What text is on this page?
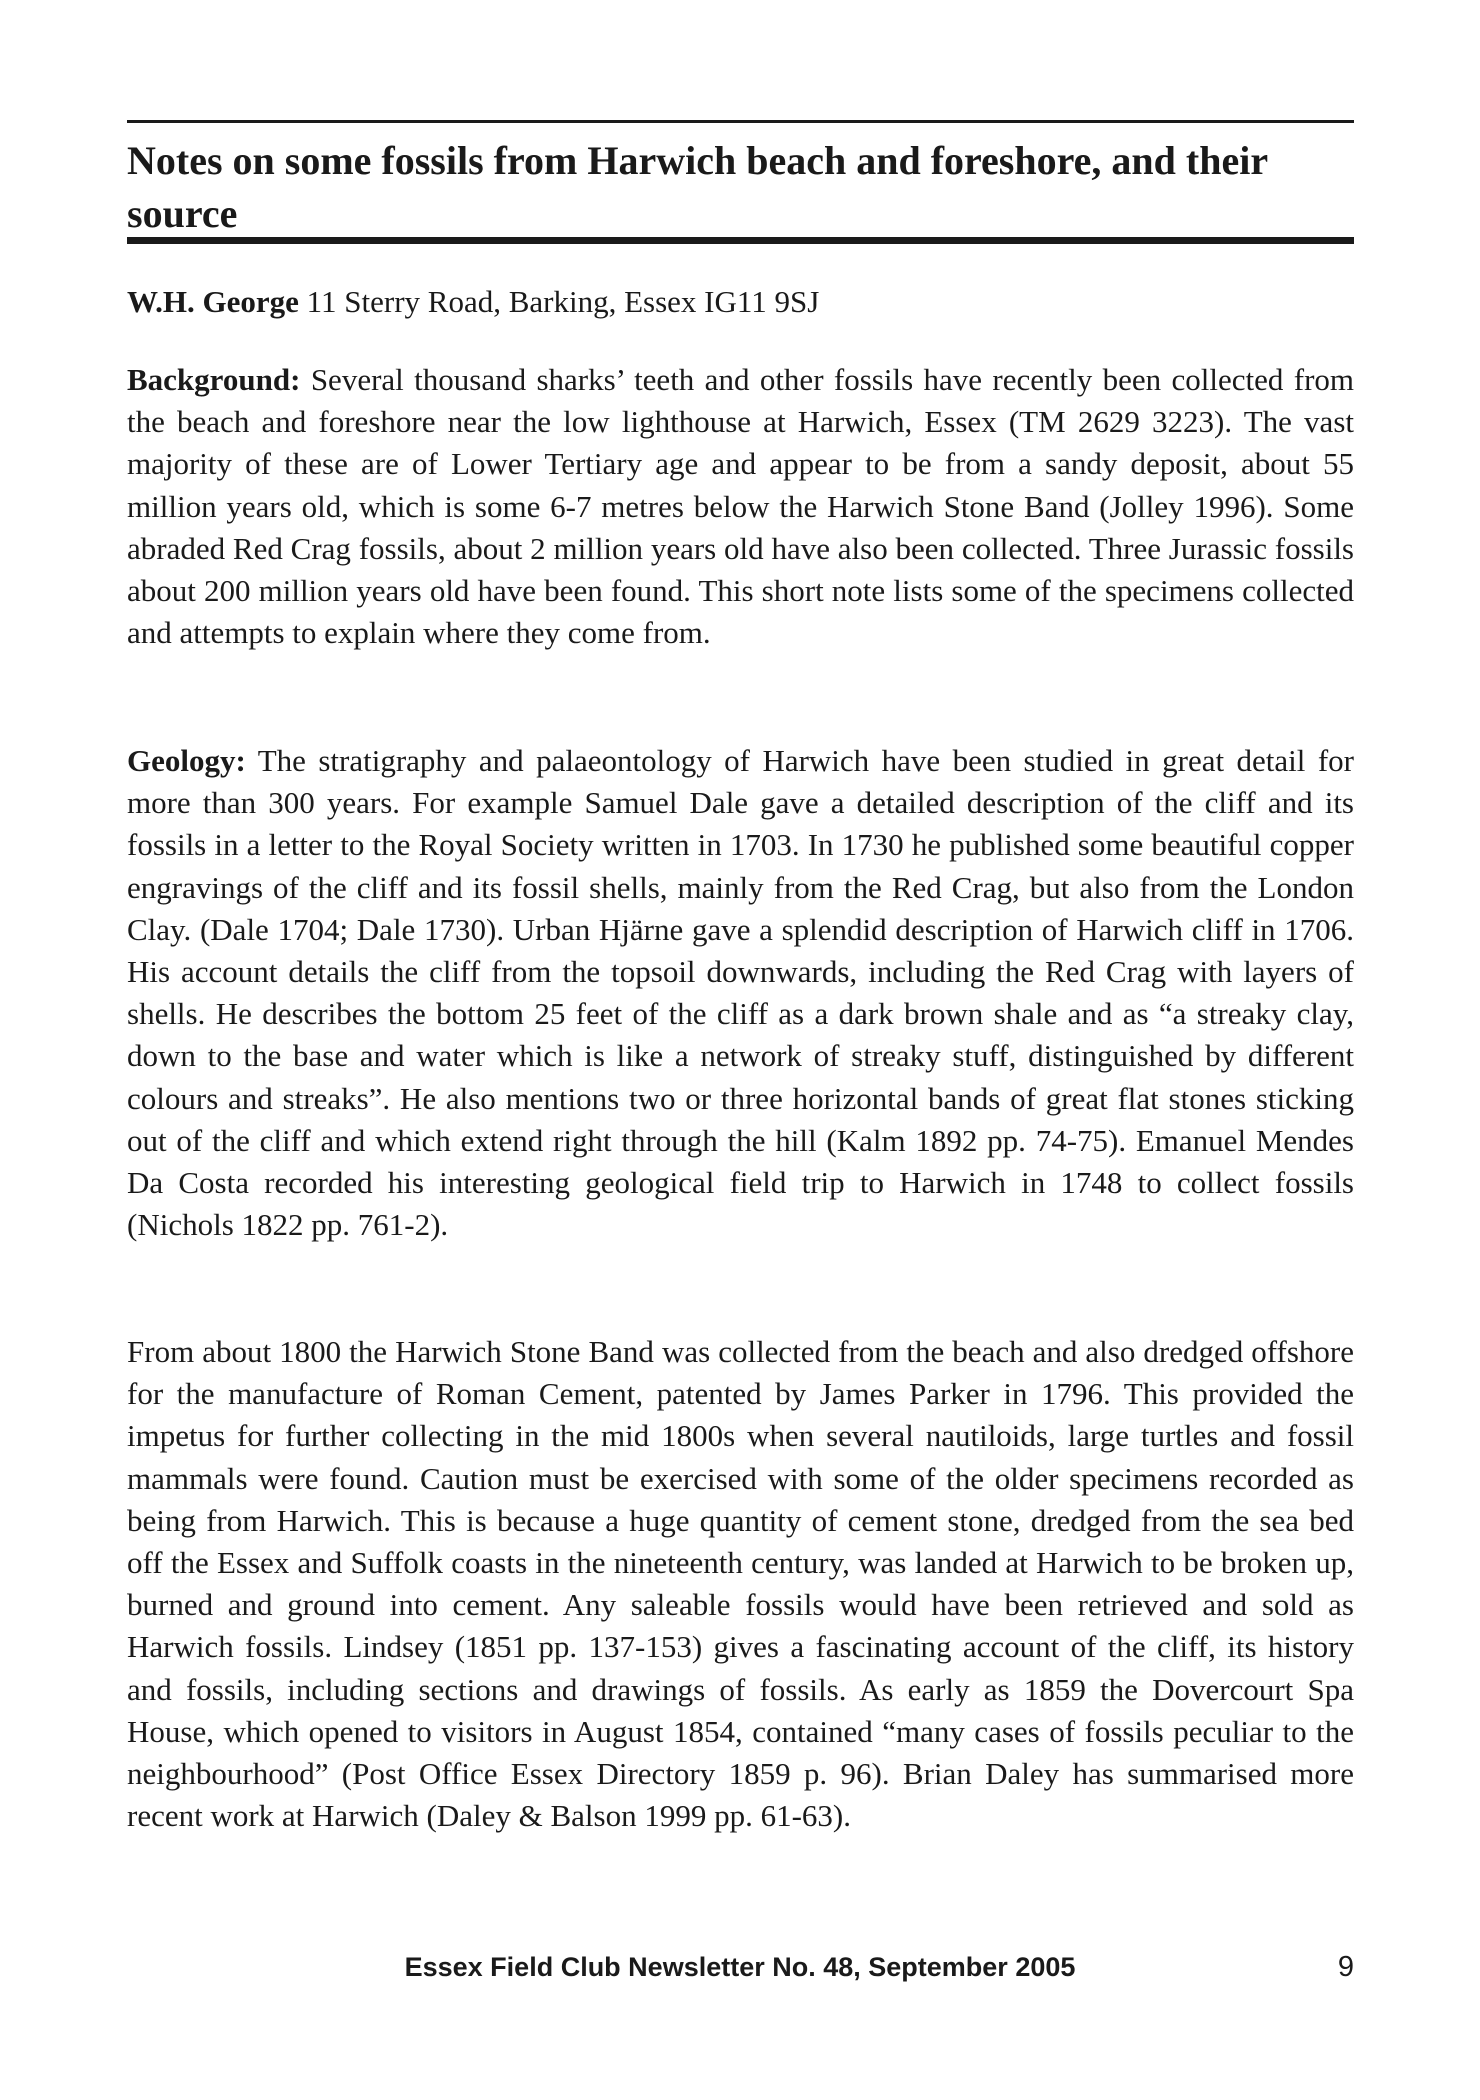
Notes on some fossils from Harwich beach and foreshore, and their source

W.H. George 11 Sterry Road, Barking, Essex IG11 9SJ

Background: Several thousand sharks’ teeth and other fossils have recently been collected from the beach and foreshore near the low lighthouse at Harwich, Essex (TM 2629 3223). The vast majority of these are of Lower Tertiary age and appear to be from a sandy deposit, about 55 million years old, which is some 6-7 metres below the Harwich Stone Band (Jolley 1996). Some abraded Red Crag fossils, about 2 million years old have also been collected. Three Jurassic fossils about 200 million years old have been found. This short note lists some of the specimens collected and attempts to explain where they come from.

Geology: The stratigraphy and palaeontology of Harwich have been studied in great detail for more than 300 years. For example Samuel Dale gave a detailed description of the cliff and its fossils in a letter to the Royal Society written in 1703. In 1730 he published some beautiful copper engravings of the cliff and its fossil shells, mainly from the Red Crag, but also from the London Clay. (Dale 1704; Dale 1730). Urban Hjärne gave a splendid description of Harwich cliff in 1706. His account details the cliff from the topsoil downwards, including the Red Crag with layers of shells. He describes the bottom 25 feet of the cliff as a dark brown shale and as “a streaky clay, down to the base and water which is like a network of streaky stuff, distinguished by different colours and streaks”. He also mentions two or three horizontal bands of great flat stones sticking out of the cliff and which extend right through the hill (Kalm 1892 pp. 74-75). Emanuel Mendes Da Costa recorded his interesting geological field trip to Harwich in 1748 to collect fossils (Nichols 1822 pp. 761-2).

From about 1800 the Harwich Stone Band was collected from the beach and also dredged offshore for the manufacture of Roman Cement, patented by James Parker in 1796. This provided the impetus for further collecting in the mid 1800s when several nautiloids, large turtles and fossil mammals were found. Caution must be exercised with some of the older specimens recorded as being from Harwich. This is because a huge quantity of cement stone, dredged from the sea bed off the Essex and Suffolk coasts in the nineteenth century, was landed at Harwich to be broken up, burned and ground into cement. Any saleable fossils would have been retrieved and sold as Harwich fossils. Lindsey (1851 pp. 137-153) gives a fascinating account of the cliff, its history and fossils, including sections and drawings of fossils. As early as 1859 the Dovercourt Spa House, which opened to visitors in August 1854, contained “many cases of fossils peculiar to the neighbourhood” (Post Office Essex Directory 1859 p. 96). Brian Daley has summarised more recent work at Harwich (Daley & Balson 1999 pp. 61-63).

Essex Field Club Newsletter No. 48, September 2005	9
